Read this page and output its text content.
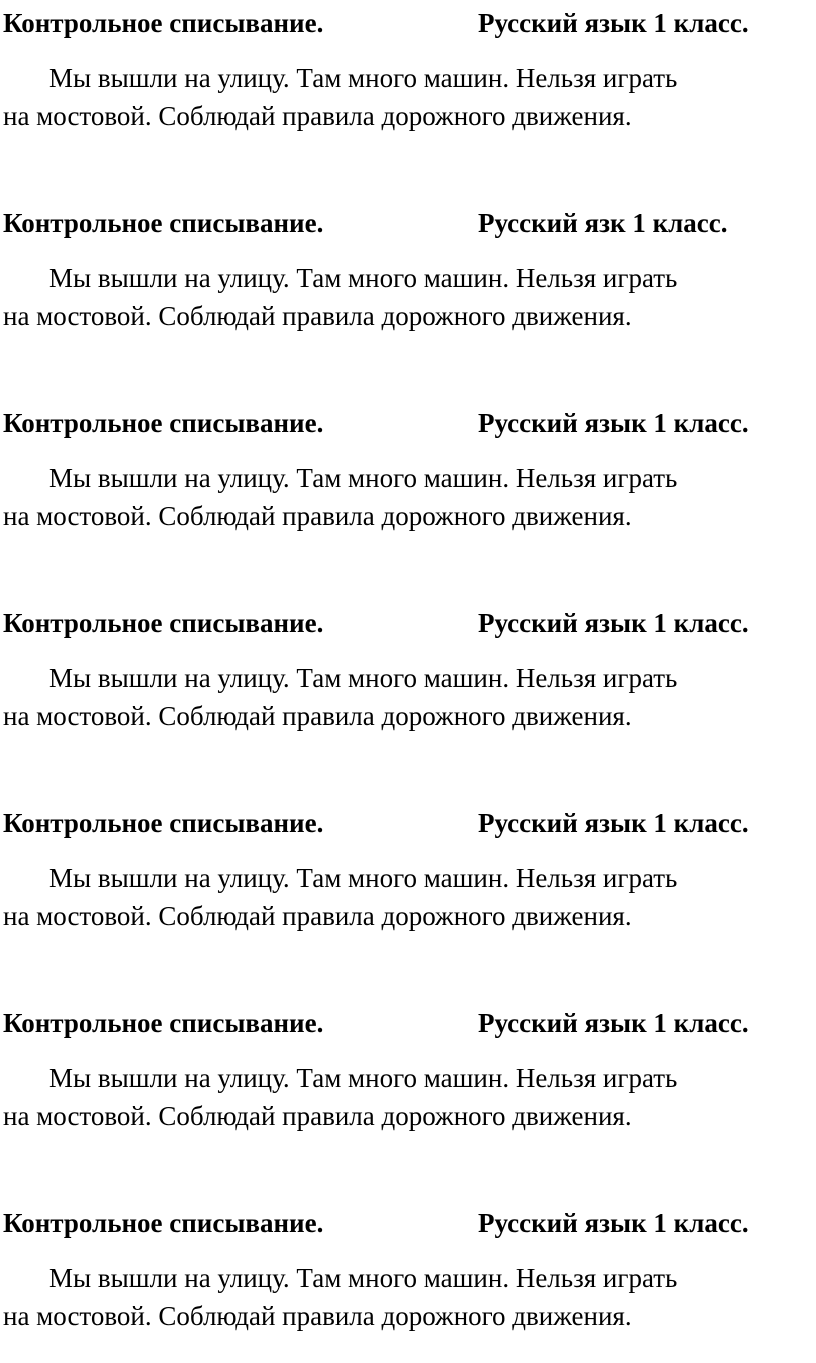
Контрольное списывание.	Русский язык 1 класс.
Мы вышли на улицу. Там много машин. Нельзя играть
на мостовой. Соблюдай правила дорожного движения.
Контрольное списывание.	Русский язк 1 класс.
Мы вышли на улицу. Там много машин. Нельзя играть
на мостовой. Соблюдай правила дорожного движения.
Контрольное списывание.	Русский язык 1 класс.
Мы вышли на улицу. Там много машин. Нельзя играть
на мостовой. Соблюдай правила дорожного движения.
Контрольное списывание.	Русский язык 1 класс.
Мы вышли на улицу. Там много машин. Нельзя играть
на мостовой. Соблюдай правила дорожного движения.
Контрольное списывание.	Русский язык 1 класс.
Мы вышли на улицу. Там много машин. Нельзя играть
на мостовой. Соблюдай правила дорожного движения.
Контрольное списывание.	Русский язык 1 класс.
Мы вышли на улицу. Там много машин. Нельзя играть
на мостовой. Соблюдай правила дорожного движения.
Контрольное списывание.	Русский язык 1 класс.
Мы вышли на улицу. Там много машин. Нельзя играть
на мостовой. Соблюдай правила дорожного движения.
